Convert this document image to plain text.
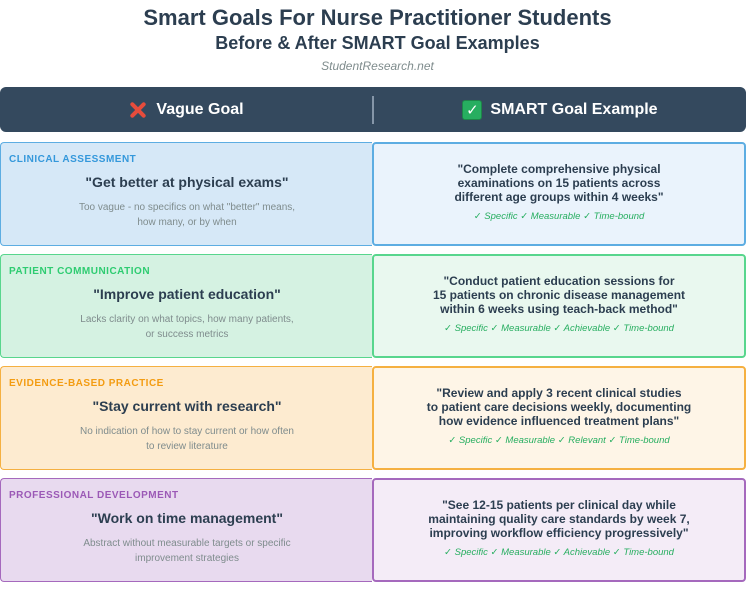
Smart Goals For Nurse Practitioner Students
Before & After SMART Goal Examples
StudentResearch.net
Vague Goal	✓ SMART Goal Example
CLINICAL ASSESSMENT
"Get better at physical exams"
Too vague - no specifics on what "better" means, how many, or by when
"Complete comprehensive physical
examinations on 15 patients across
different age groups within 4 weeks"
✓ Specific ✓ Measurable ✓ Time-bound
PATIENT COMMUNICATION
"Improve patient education"
Lacks clarity on what topics, how many patients, or success metrics
"Conduct patient education sessions for
15 patients on chronic disease management
within 6 weeks using teach-back method"
✓ Specific ✓ Measurable ✓ Achievable ✓ Time-bound
EVIDENCE-BASED PRACTICE
"Stay current with research"
No indication of how to stay current or how often to review literature
"Review and apply 3 recent clinical studies
to patient care decisions weekly, documenting
how evidence influenced treatment plans"
✓ Specific ✓ Measurable ✓ Relevant ✓ Time-bound
PROFESSIONAL DEVELOPMENT
"Work on time management"
Abstract without measurable targets or specific improvement strategies
"See 12-15 patients per clinical day while
maintaining quality care standards by week 7,
improving workflow efficiency progressively"
✓ Specific ✓ Measurable ✓ Achievable ✓ Time-bound
